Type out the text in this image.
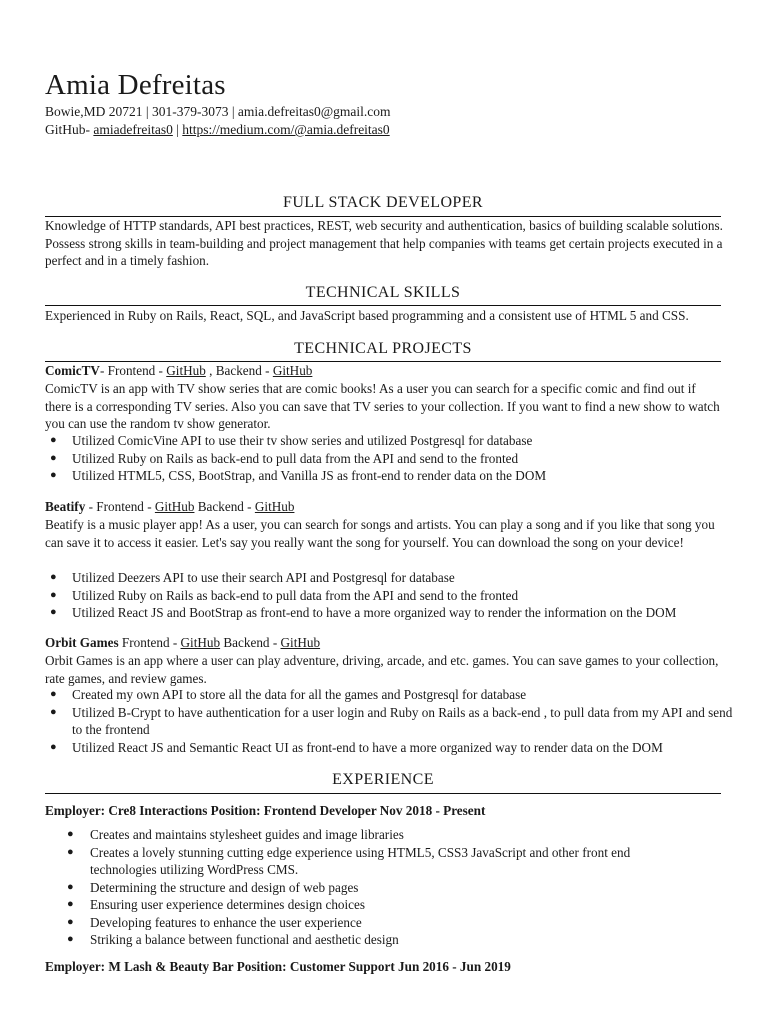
Amia Defreitas
Bowie,MD 20721 | 301-379-3073 | amia.defreitas0@gmail.com
GitHub- amiadefreitas0 | https://medium.com/@amia.defreitas0
FULL STACK DEVELOPER

Knowledge of HTTP standards, API best practices, REST, web security and authentication, basics of building scalable solutions. Possess strong skills in team-building and project management that help companies with teams get certain projects executed in a perfect and in a timely fashion.

TECHNICAL SKILLS

Experienced in Ruby on Rails, React, SQL, and JavaScript based programming and a consistent use of HTML 5 and CSS.

TECHNICAL PROJECTS

ComicTV- Frontend - GitHub , Backend - GitHub

ComicTV is an app with TV show series that are comic books! As a user you can search for a specific comic and find out if there is a corresponding TV series. Also you can save that TV series to your collection. If you want to find a new show to watch you can use the random tv show generator.

● Utilized ComicVine API to use their tv show series and utilized Postgresql for database
● Utilized Ruby on Rails as back-end to pull data from the API and send to the fronted
● Utilized HTML5, CSS, BootStrap, and Vanilla JS as front-end to render data on the DOM

Beatify - Frontend - GitHub Backend - GitHub

Beatify is a music player app! As a user, you can search for songs and artists. You can play a song and if you like that song you can save it to access it easier. Let's say you really want the song for yourself. You can download the song on your device!

● Utilized Deezers API to use their search API and Postgresql for database
● Utilized Ruby on Rails as back-end to pull data from the API and send to the fronted
● Utilized React JS and BootStrap as front-end to have a more organized way to render the information on the DOM

Orbit Games Frontend - GitHub Backend - GitHub

Orbit Games is an app where a user can play adventure, driving, arcade, and etc. games. You can save games to your collection, rate games, and review games.

● Created my own API to store all the data for all the games and Postgresql for database
● Utilized B-Crypt to have authentication for a user login and Ruby on Rails as a back-end , to pull data from my API and send to the frontend
● Utilized React JS and Semantic React UI as front-end to have a more organized way to render data on the DOM
EXPERIENCE

Employer: Cre8 Interactions Position: Frontend Developer Nov 2018 - Present

● Creates and maintains stylesheet guides and image libraries
● Creates a lovely stunning cutting edge experience using HTML5, CSS3 JavaScript and other front end technologies utilizing WordPress CMS.
● Determining the structure and design of web pages
● Ensuring user experience determines design choices
● Developing features to enhance the user experience
● Striking a balance between functional and aesthetic design

Employer: M Lash & Beauty Bar Position: Customer Support Jun 2016 - Jun 2019
